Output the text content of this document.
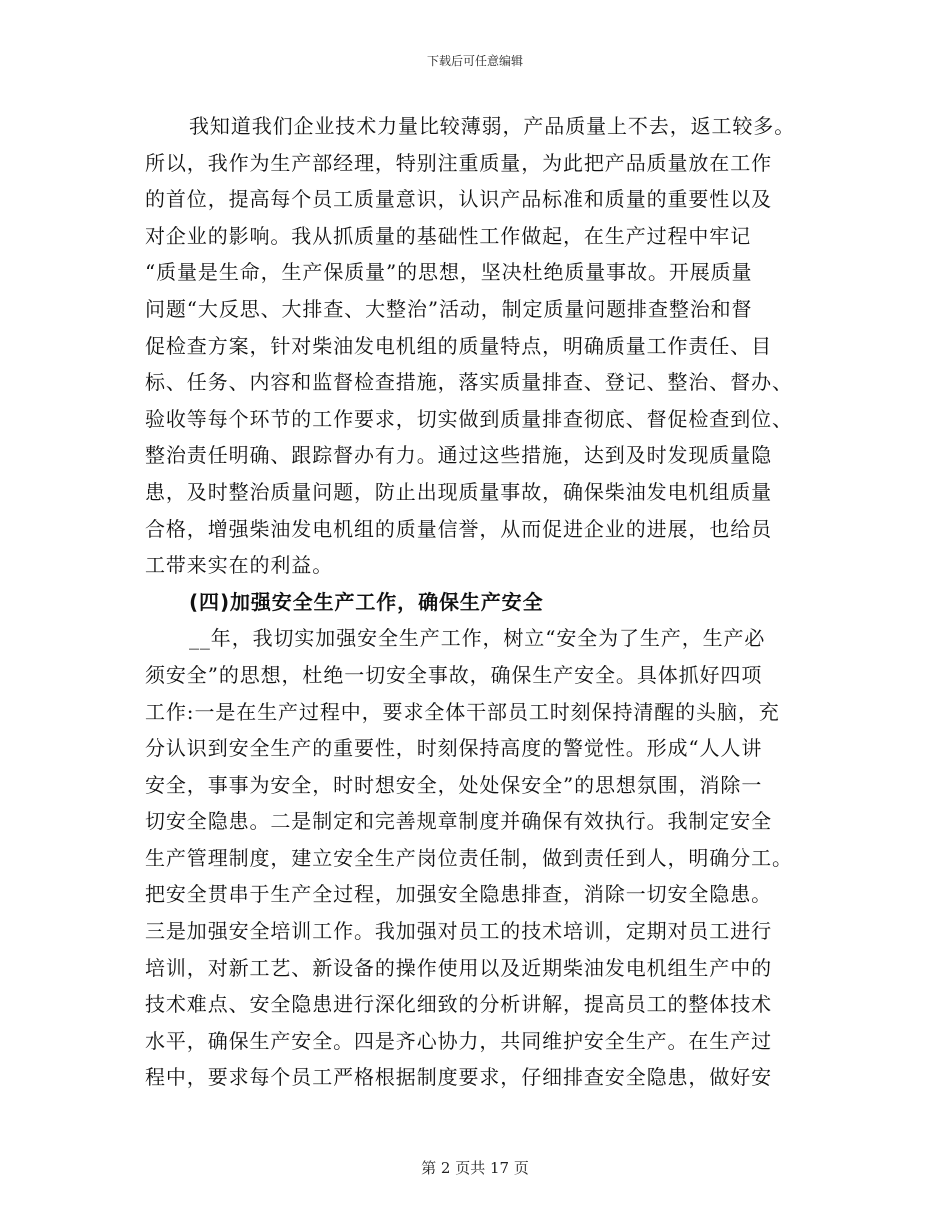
下载后可任意编辑
我知道我们企业技术力量比较薄弱，产品质量上不去，返工较多。
所以，我作为生产部经理，特别注重质量，为此把产品质量放在工作
的首位，提高每个员工质量意识，认识产品标准和质量的重要性以及
对企业的影响。我从抓质量的基础性工作做起，在生产过程中牢记
“质量是生命，生产保质量”的思想，坚决杜绝质量事故。开展质量
问题“大反思、大排查、大整治”活动，制定质量问题排查整治和督
促检查方案，针对柴油发电机组的质量特点，明确质量工作责任、目
标、任务、内容和监督检查措施，落实质量排查、登记、整治、督办、
验收等每个环节的工作要求，切实做到质量排查彻底、督促检查到位、
整治责任明确、跟踪督办有力。通过这些措施，达到及时发现质量隐
患，及时整治质量问题，防止出现质量事故，确保柴油发电机组质量
合格，增强柴油发电机组的质量信誉，从而促进企业的进展，也给员
工带来实在的利益。
(四)加强安全生产工作，确保生产安全
__年，我切实加强安全生产工作，树立“安全为了生产，生产必
须安全”的思想，杜绝一切安全事故，确保生产安全。具体抓好四项
工作:一是在生产过程中，要求全体干部员工时刻保持清醒的头脑，充
分认识到安全生产的重要性，时刻保持高度的警觉性。形成“人人讲
安全，事事为安全，时时想安全，处处保安全”的思想氛围，消除一
切安全隐患。二是制定和完善规章制度并确保有效执行。我制定安全
生产管理制度，建立安全生产岗位责任制，做到责任到人，明确分工。
把安全贯串于生产全过程，加强安全隐患排查，消除一切安全隐患。
三是加强安全培训工作。我加强对员工的技术培训，定期对员工进行
培训，对新工艺、新设备的操作使用以及近期柴油发电机组生产中的
技术难点、安全隐患进行深化细致的分析讲解，提高员工的整体技术
水平，确保生产安全。四是齐心协力，共同维护安全生产。在生产过
程中，要求每个员工严格根据制度要求，仔细排查安全隐患，做好安
第 2 页共 17 页
